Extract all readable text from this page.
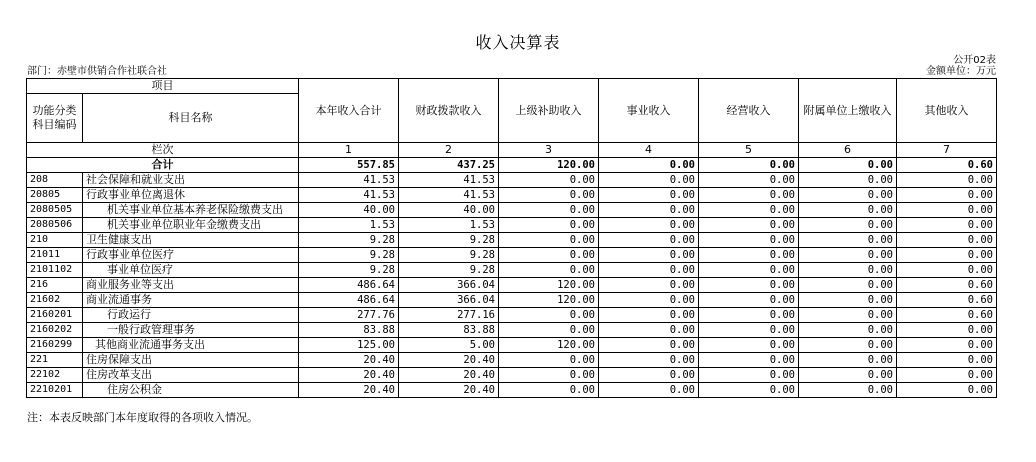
收入决算表
公开02表
部门：赤壁市供销合作社联合社	金额单位：万元
项目		本年收入合计	财政拨款收入	上级补助收入	事业收入	经营收入	附属单位上缴收入	其他收入
功能分类科目编码	科目名称							
栏次		1	2	3	4	5	6	7
合计		557.85	437.25	120.00	0.00	0.00	0.00	0.60
208	社会保障和就业支出	41.53	41.53	0.00	0.00	0.00	0.00	0.00
20805	行政事业单位离退休	41.53	41.53	0.00	0.00	0.00	0.00	0.00
2080505	机关事业单位基本养老保险缴费支出	40.00	40.00	0.00	0.00	0.00	0.00	0.00
2080506	机关事业单位职业年金缴费支出	1.53	1.53	0.00	0.00	0.00	0.00	0.00
210	卫生健康支出	9.28	9.28	0.00	0.00	0.00	0.00	0.00
21011	行政事业单位医疗	9.28	9.28	0.00	0.00	0.00	0.00	0.00
2101102	事业单位医疗	9.28	9.28	0.00	0.00	0.00	0.00	0.00
216	商业服务业等支出	486.64	366.04	120.00	0.00	0.00	0.00	0.60
21602	商业流通事务	486.64	366.04	120.00	0.00	0.00	0.00	0.60
2160201	行政运行	277.76	277.16	0.00	0.00	0.00	0.00	0.60
2160202	一般行政管理事务	83.88	83.88	0.00	0.00	0.00	0.00	0.00
2160299	其他商业流通事务支出	125.00	5.00	120.00	0.00	0.00	0.00	0.00
221	住房保障支出	20.40	20.40	0.00	0.00	0.00	0.00	0.00
22102	住房改革支出	20.40	20.40	0.00	0.00	0.00	0.00	0.00
2210201	住房公积金	20.40	20.40	0.00	0.00	0.00	0.00	0.00
注：本表反映部门本年度取得的各项收入情况。
